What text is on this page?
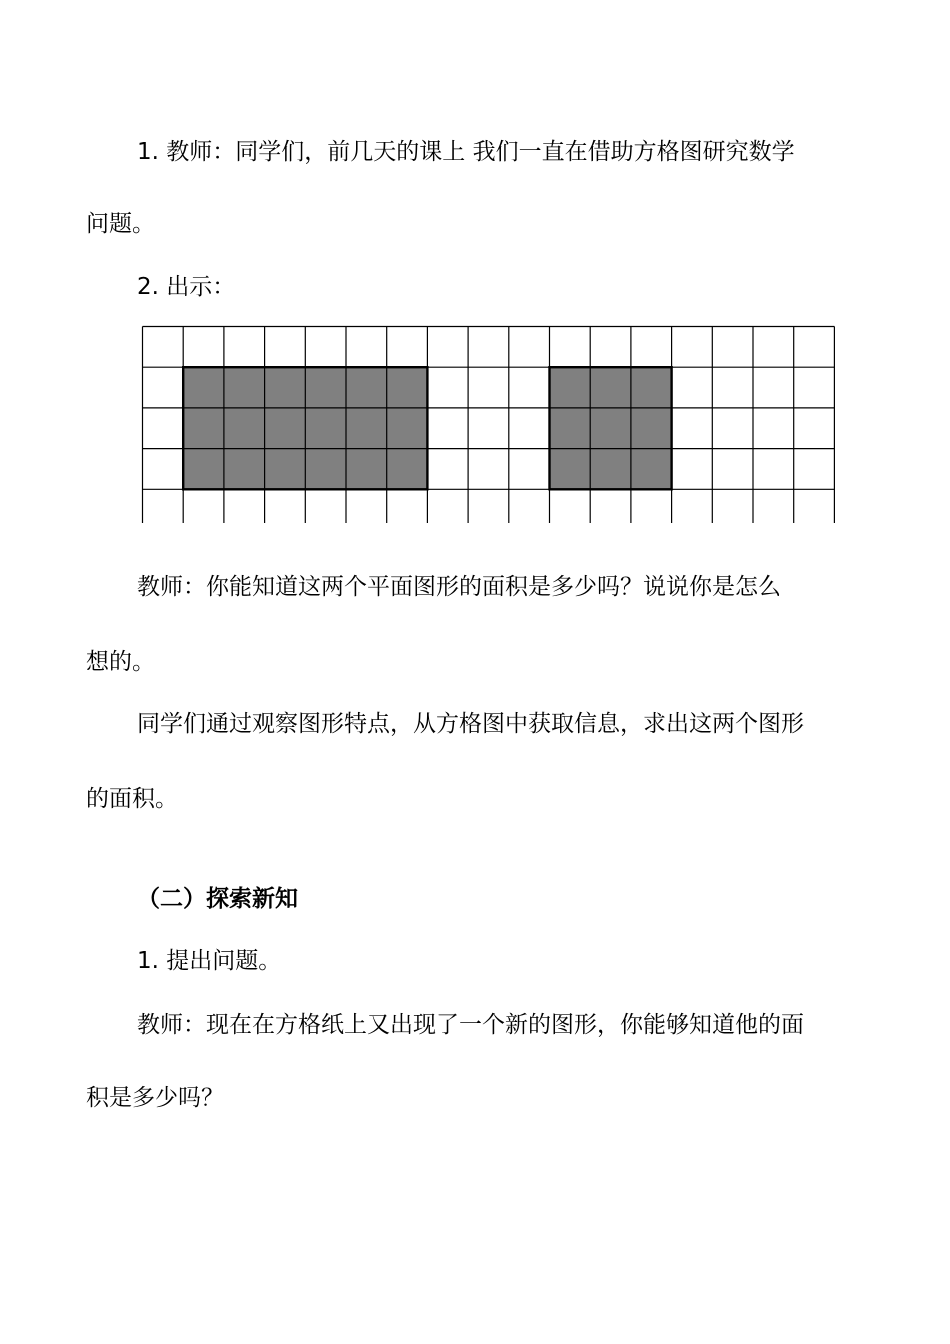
1. 教师：同学们，前几天的课上 我们一直在借助方格图研究数学
问题。
2. 出示：
教师：你能知道这两个平面图形的面积是多少吗？说说你是怎么
想的。
同学们通过观察图形特点，从方格图中获取信息，求出这两个图形
的面积。
（二）探索新知
1. 提出问题。
教师：现在在方格纸上又出现了一个新的图形，你能够知道他的面
积是多少吗？
